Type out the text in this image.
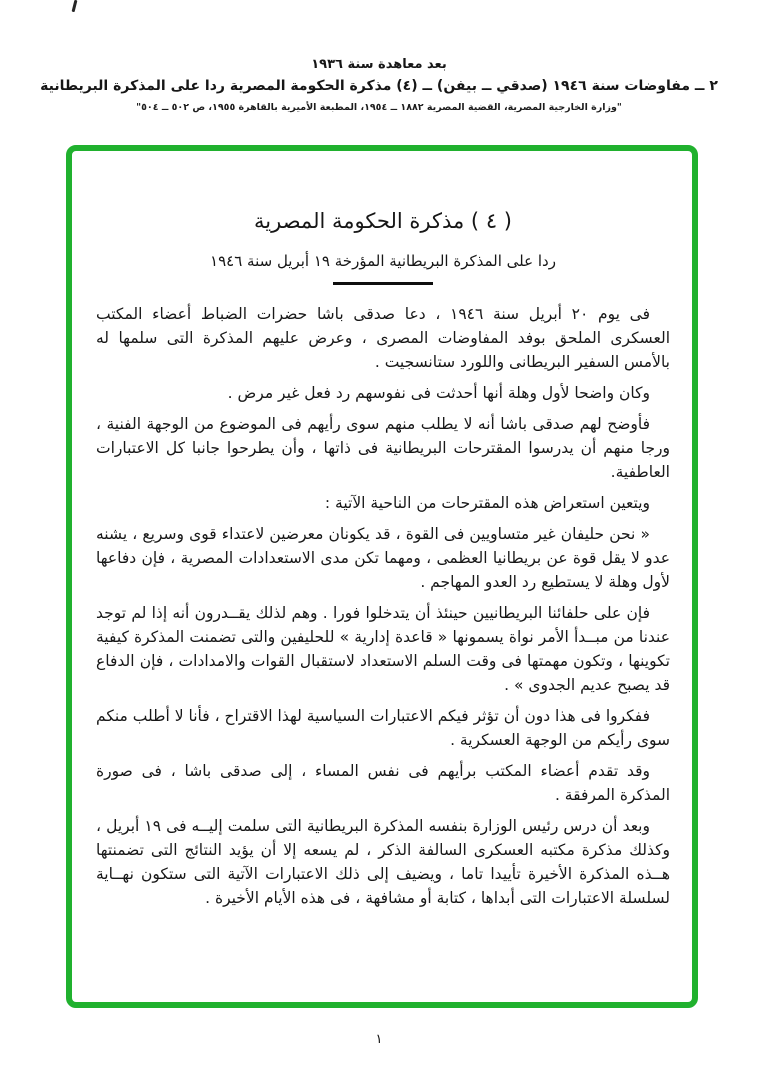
بعد معاهدة سنة ١٩٣٦
٢ ــ مفاوضات سنة ١٩٤٦ (صدقي ــ بيفن) ــ (٤) مذكرة الحكومة المصرية ردا على المذكرة البريطانية
"وزارة الخارجية المصرية، القضية المصرية ١٨٨٢ ــ ١٩٥٤، المطبعة الأميرية بالقاهرة ١٩٥٥، ص ٥٠٢ ــ ٥٠٤"
( ٤ ) مذكرة الحكومة المصرية
ردا على المذكرة البريطانية المؤرخة ١٩ أبريل سنة ١٩٤٦

فى يوم ٢٠ أبريل سنة ١٩٤٦ ، دعا صدقى باشا حضرات الضباط أعضاء المكتب العسكرى الملحق بوفد المفاوضات المصرى ، وعرض عليهم المذكرة التى سلمها له بالأمس السفير البريطانى واللورد ستانسجيت .

وكان واضحا لأول وهلة أنها أحدثت فى نفوسهم رد فعل غير مرض .

فأوضح لهم صدقى باشا أنه لا يطلب منهم سوى رأيهم فى الموضوع من الوجهة الفنية ، ورجا منهم أن يدرسوا المقترحات البريطانية فى ذاتها ، وأن يطرحوا جانبا كل الاعتبارات العاطفية.

ويتعين استعراض هذه المقترحات من الناحية الآتية :

« نحن حليفان غير متساويين فى القوة ، قد يكونان معرضين لاعتداء قوى وسريع ، يشنه عدو لا يقل قوة عن بريطانيا العظمى ، ومهما تكن مدى الاستعدادات المصرية ، فإن دفاعها لأول وهلة لا يستطيع رد العدو المهاجم .

فإن على حلفائنا البريطانيين حينئذ أن يتدخلوا فورا . وهم لذلك يقــدرون أنه إذا لم توجد عندنا من مبــدأ الأمر نواة يسمونها « قاعدة إدارية » للحليفين والتى تضمنت المذكرة كيفية تكوينها ، وتكون مهمتها فى وقت السلم الاستعداد لاستقبال القوات والامدادات ، فإن الدفاع قد يصبح عديم الجدوى » .

ففكروا فى هذا دون أن تؤثر فيكم الاعتبارات السياسية لهذا الاقتراح ، فأنا لا أطلب منكم سوى رأيكم من الوجهة العسكرية .

وقد تقدم أعضاء المكتب برأيهم فى نفس المساء ، إلى صدقى باشا ، فى صورة المذكرة المرفقة .

وبعد أن درس رئيس الوزارة بنفسه المذكرة البريطانية التى سلمت إليــه فى ١٩ أبريل ، وكذلك مذكرة مكتبه العسكرى السالفة الذكر ، لم يسعه إلا أن يؤيد النتائج التى تضمنتها هــذه المذكرة الأخيرة تأييدا تاما ، ويضيف إلى ذلك الاعتبارات الآتية التى ستكون نهــاية لسلسلة الاعتبارات التى أبداها ، كتابة أو مشافهة ، فى هذه الأيام الأخيرة .

١
